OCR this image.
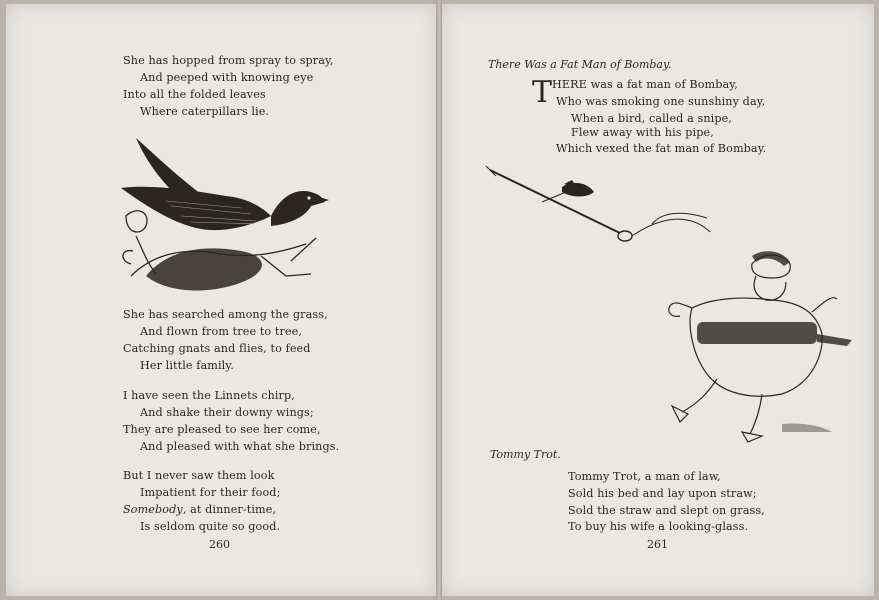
She has hopped from spray to spray,
And peeped with knowing eye
Into all the folded leaves
Where caterpillars lie.
She has searched among the grass,
And flown from tree to tree,
Catching gnats and flies, to feed
Her little family.
I have seen the Linnets chirp,
And shake their downy wings;
They are pleased to see her come,
And pleased with what she brings.
But I never saw them look
Impatient for their food;
Somebody, at dinner-time,
Is seldom quite so good.
260
There Was a Fat Man of Bombay.
T HERE was a fat man of Bombay,
Who was smoking one sunshiny day,
When a bird, called a snipe,
Flew away with his pipe,
Which vexed the fat man of Bombay.
Tommy Trot.
Tommy Trot, a man of law,
Sold his bed and lay upon straw;
Sold the straw and slept on grass,
To buy his wife a looking-glass.
261
